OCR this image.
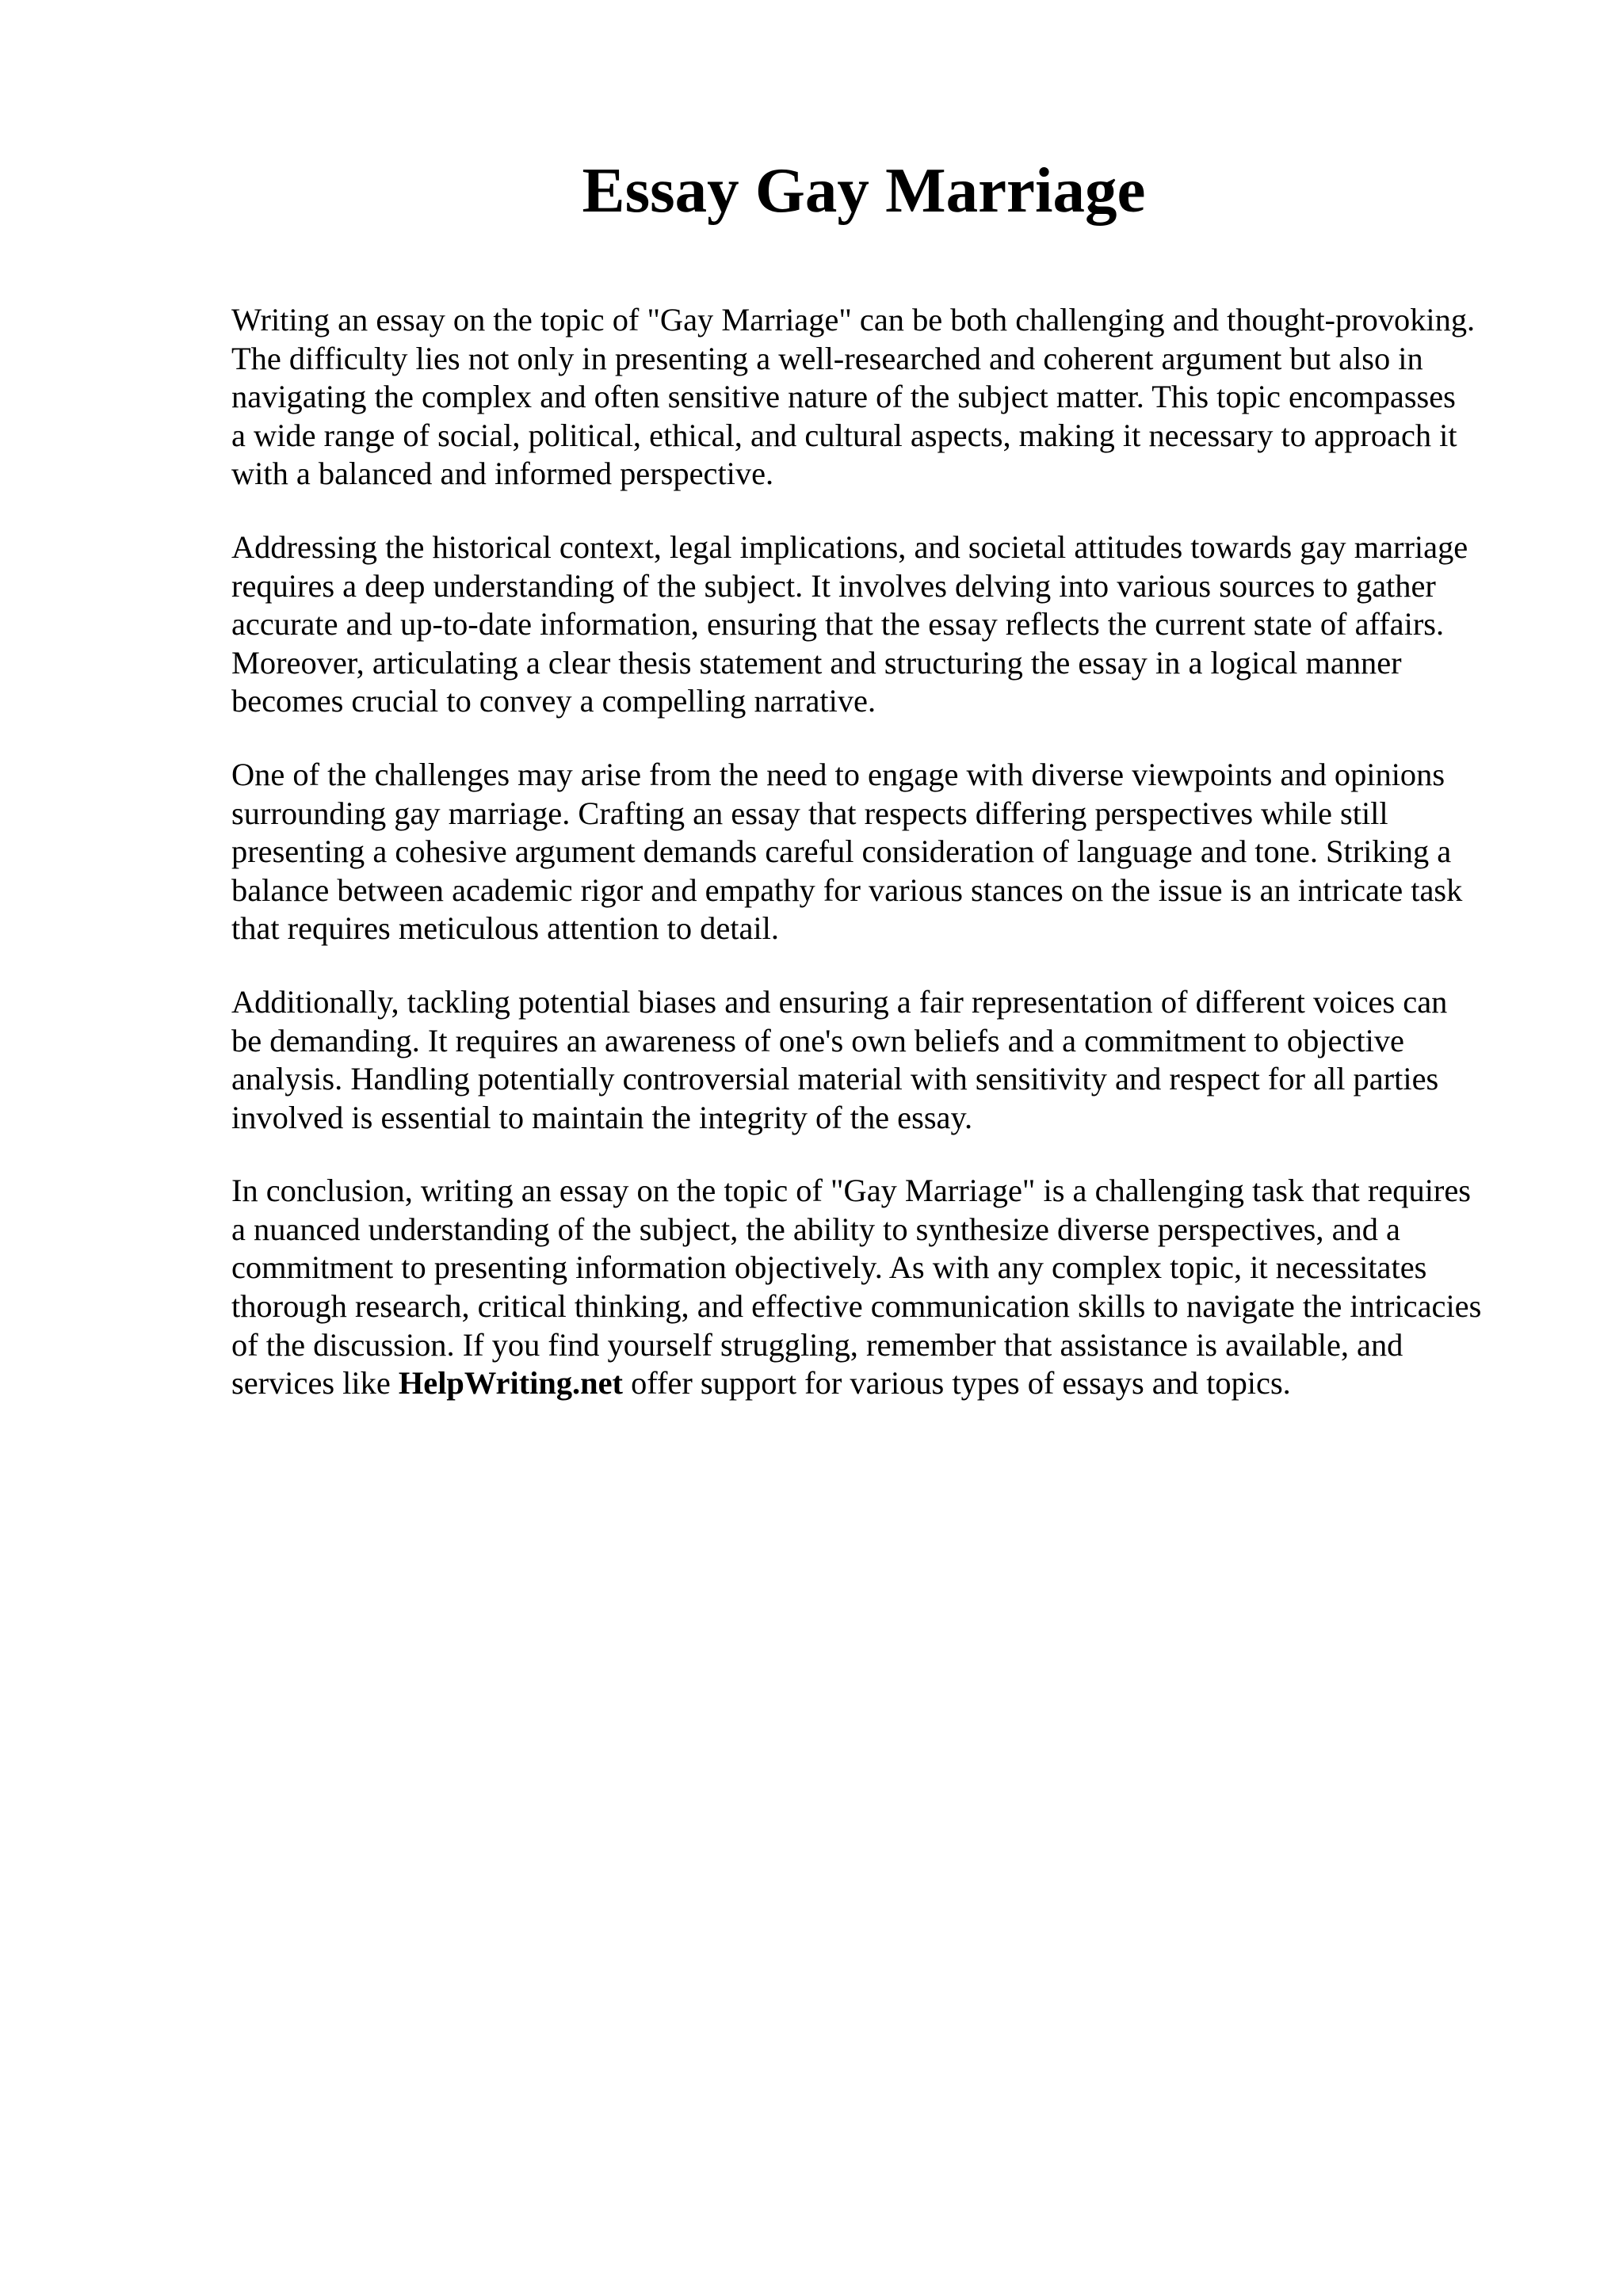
Essay Gay Marriage

Writing an essay on the topic of "Gay Marriage" can be both challenging and thought-provoking.
The difficulty lies not only in presenting a well-researched and coherent argument but also in
navigating the complex and often sensitive nature of the subject matter. This topic encompasses
a wide range of social, political, ethical, and cultural aspects, making it necessary to approach it
with a balanced and informed perspective.

Addressing the historical context, legal implications, and societal attitudes towards gay marriage
requires a deep understanding of the subject. It involves delving into various sources to gather
accurate and up-to-date information, ensuring that the essay reflects the current state of affairs.
Moreover, articulating a clear thesis statement and structuring the essay in a logical manner
becomes crucial to convey a compelling narrative.

One of the challenges may arise from the need to engage with diverse viewpoints and opinions
surrounding gay marriage. Crafting an essay that respects differing perspectives while still
presenting a cohesive argument demands careful consideration of language and tone. Striking a
balance between academic rigor and empathy for various stances on the issue is an intricate task
that requires meticulous attention to detail.

Additionally, tackling potential biases and ensuring a fair representation of different voices can
be demanding. It requires an awareness of one's own beliefs and a commitment to objective
analysis. Handling potentially controversial material with sensitivity and respect for all parties
involved is essential to maintain the integrity of the essay.

In conclusion, writing an essay on the topic of "Gay Marriage" is a challenging task that requires
a nuanced understanding of the subject, the ability to synthesize diverse perspectives, and a
commitment to presenting information objectively. As with any complex topic, it necessitates
thorough research, critical thinking, and effective communication skills to navigate the intricacies
of the discussion. If you find yourself struggling, remember that assistance is available, and
services like HelpWriting.net offer support for various types of essays and topics.
